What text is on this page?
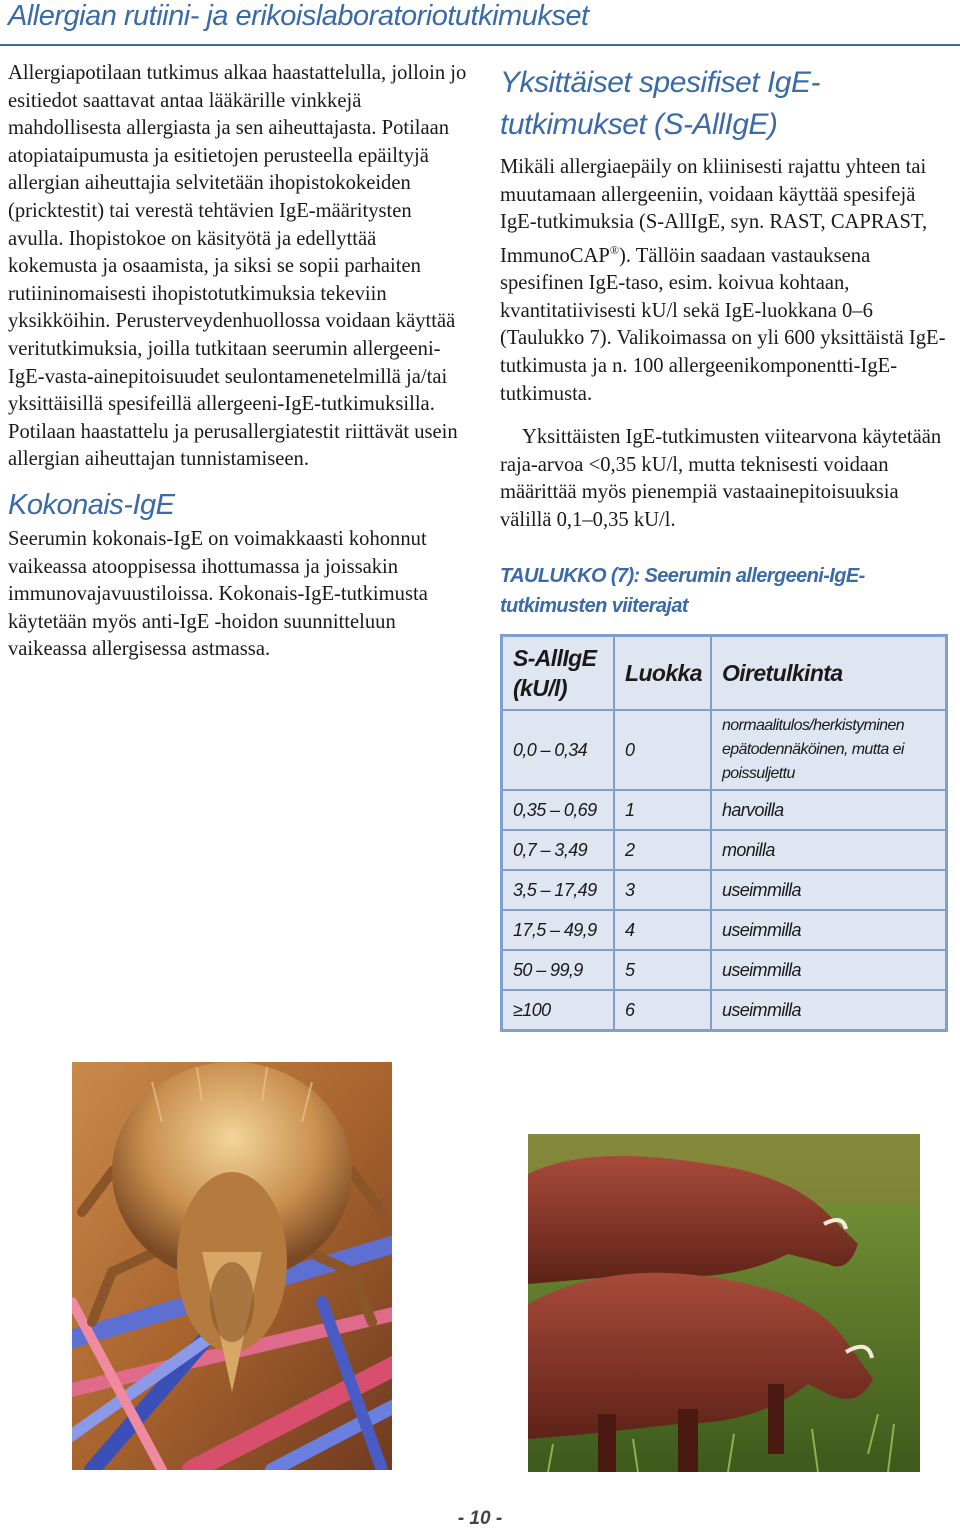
Allergian rutiini- ja erikoislaboratoriotutkimukset

Allergiapotilaan tutkimus alkaa haastattelulla, jolloin jo esitiedot saattavat antaa lääkärille vinkkejä mahdollisesta allergiasta ja sen aiheuttajasta. Potilaan atopiataipumusta ja esitietojen perusteella epäiltyjä allergian aiheuttajia selvitetään ihopistokokeiden (pricktestit) tai verestä tehtävien IgE-määritysten avulla. Ihopistokoe on käsityötä ja edellyttää kokemusta ja osaamista, ja siksi se sopii parhaiten rutiininomaisesti ihopistotutkimuksia tekeviin yksikköihin. Perusterveydenhuollossa voidaan käyttää veritutkimuksia, joilla tutkitaan seerumin allergeeni-IgE-vasta-ainepitoisuudet seulontamenetelmillä ja/tai yksittäisillä spesifeillä allergeeni-IgE-tutkimuksilla. Potilaan haastattelu ja perusallergiatestit riittävät usein allergian aiheuttajan tunnistamiseen.

Kokonais-IgE

Seerumin kokonais-IgE on voimakkaasti kohonnut vaikeassa atooppisessa ihottumassa ja joissakin immunovajavuustiloissa. Kokonais-IgE-tutkimusta käytetään myös anti-IgE -hoidon suunnitteluun vaikeassa allergisessa astmassa.

Yksittäiset spesifiset IgE-tutkimukset (S-AllIgE)

Mikäli allergiaepäily on kliinisesti rajattu yhteen tai muutamaan allergeeniin, voidaan käyttää spesifejä IgE-tutkimuksia (S-AllIgE, syn. RAST, CAPRAST, ImmunoCAP®). Tällöin saadaan vastauksena spesifinen IgE-taso, esim. koivua kohtaan, kvantitatiivisesti kU/l sekä IgE-luokkana 0–6 (Taulukko 7). Valikoimassa on yli 600 yksittäistä IgE-tutkimusta ja n. 100 allergeenikomponentti-IgE-tutkimusta.

Yksittäisten IgE-tutkimusten viitearvona käytetään raja-arvoa <0,35 kU/l, mutta teknisesti voidaan määrittää myös pienempiä vastaainepitoisuuksia välillä 0,1–0,35 kU/l.

TAULUKKO (7): Seerumin allergeeni-IgE-tutkimusten viiterajat

S-AllIgE (kU/l)	Luokka	Oiretulkinta
0,0 – 0,34	0	normaalitulos/herkistyminen epätodennäköinen, mutta ei poissuljettu
0,35 – 0,69	1	harvoilla
0,7 – 3,49	2	monilla
3,5 – 17,49	3	useimmilla
17,5 – 49,9	4	useimmilla
50 – 99,9	5	useimmilla
≥100	6	useimmilla
- 10 -
